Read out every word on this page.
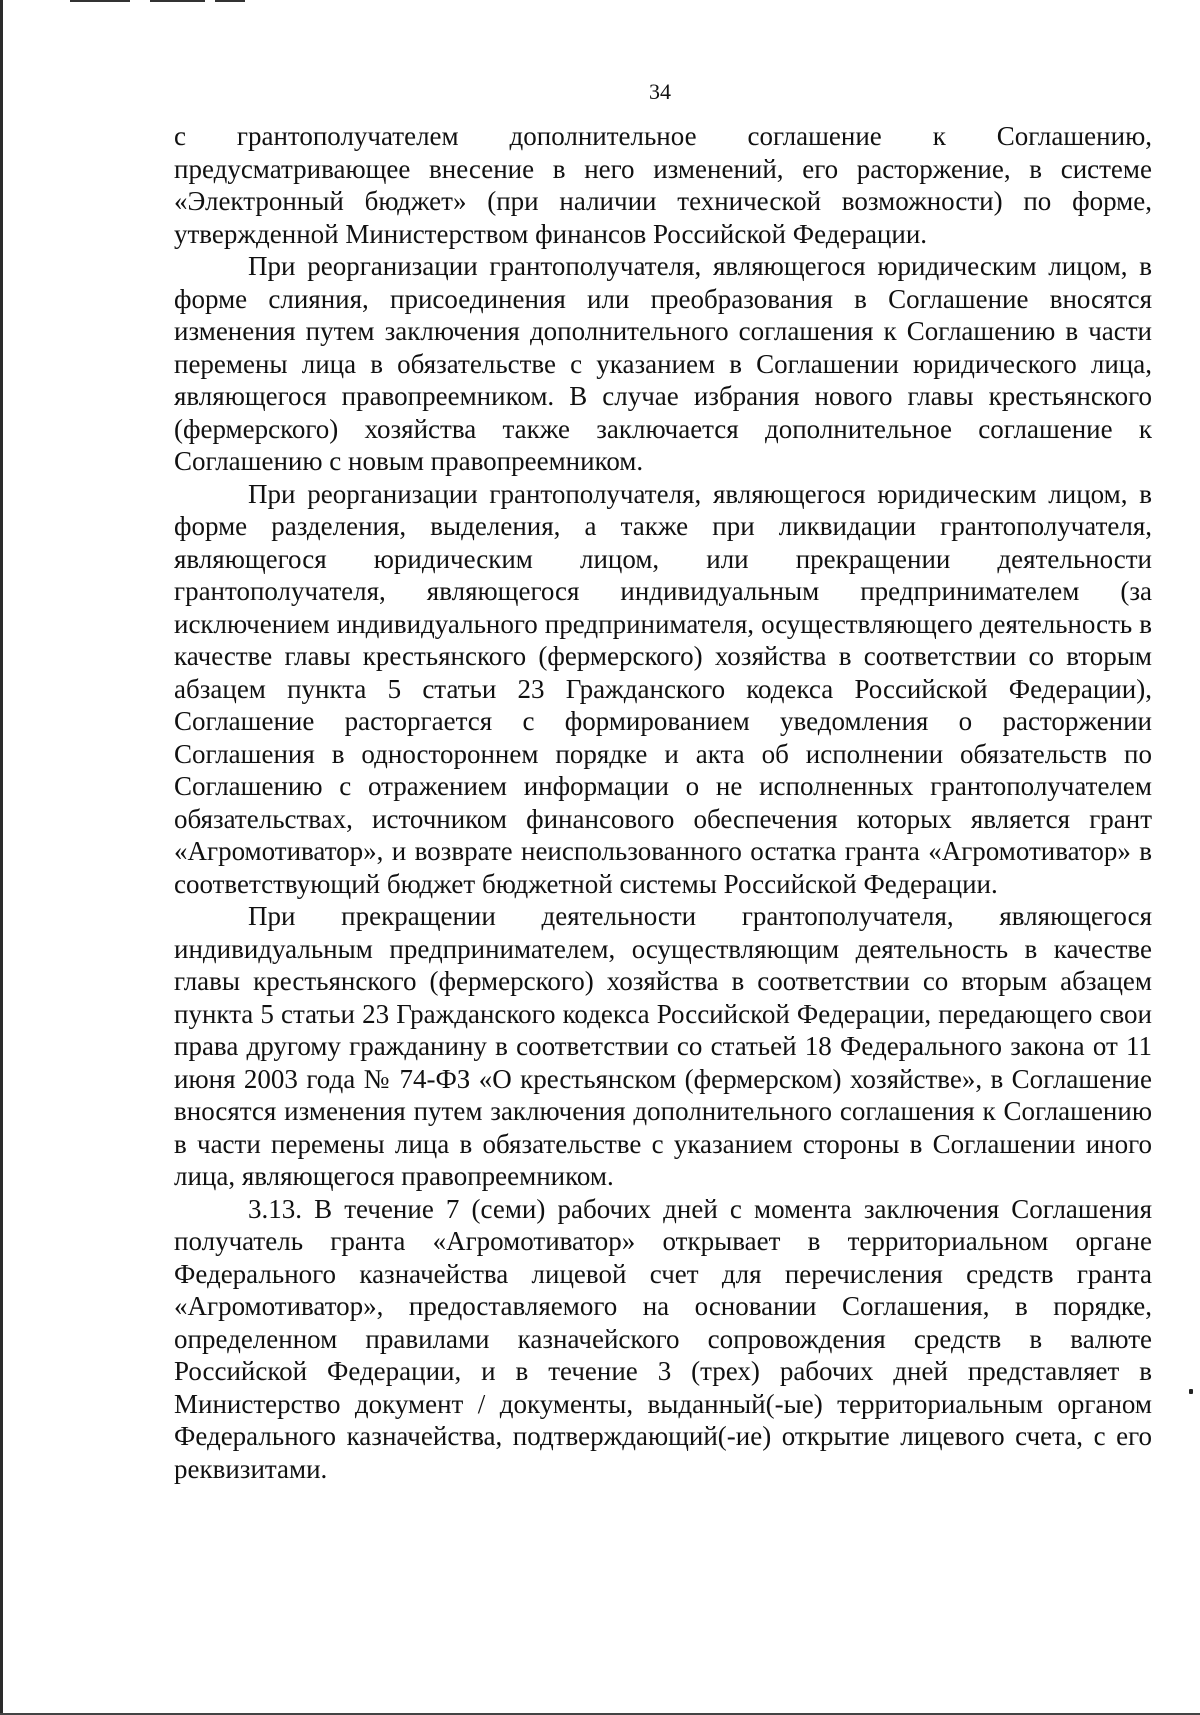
34

с грантополучателем дополнительное соглашение к Соглашению, предусматривающее внесение в него изменений, его расторжение, в системе «Электронный бюджет» (при наличии технической возможности) по форме, утвержденной Министерством финансов Российской Федерации.

При реорганизации грантополучателя, являющегося юридическим лицом, в форме слияния, присоединения или преобразования в Соглашение вносятся изменения путем заключения дополнительного соглашения к Соглашению в части перемены лица в обязательстве с указанием в Соглашении юридического лица, являющегося правопреемником. В случае избрания нового главы крестьянского (фермерского) хозяйства также заключается дополнительное соглашение к Соглашению с новым правопреемником.

При реорганизации грантополучателя, являющегося юридическим лицом, в форме разделения, выделения, а также при ликвидации грантополучателя, являющегося юридическим лицом, или прекращении деятельности грантополучателя, являющегося индивидуальным предпринимателем (за исключением индивидуального предпринимателя, осуществляющего деятельность в качестве главы крестьянского (фермерского) хозяйства в соответствии со вторым абзацем пункта 5 статьи 23 Гражданского кодекса Российской Федерации), Соглашение расторгается с формированием уведомления о расторжении Соглашения в одностороннем порядке и акта об исполнении обязательств по Соглашению с отражением информации о не исполненных грантополучателем обязательствах, источником финансового обеспечения которых является грант «Агромотиватор», и возврате неиспользованного остатка гранта «Агромотиватор» в соответствующий бюджет бюджетной системы Российской Федерации.

При прекращении деятельности грантополучателя, являющегося индивидуальным предпринимателем, осуществляющим деятельность в качестве главы крестьянского (фермерского) хозяйства в соответствии со вторым абзацем пункта 5 статьи 23 Гражданского кодекса Российской Федерации, передающего свои права другому гражданину в соответствии со статьей 18 Федерального закона от 11 июня 2003 года № 74-ФЗ «О крестьянском (фермерском) хозяйстве», в Соглашение вносятся изменения путем заключения дополнительного соглашения к Соглашению в части перемены лица в обязательстве с указанием стороны в Соглашении иного лица, являющегося правопреемником.

3.13. В течение 7 (семи) рабочих дней с момента заключения Соглашения получатель гранта «Агромотиватор» открывает в территориальном органе Федерального казначейства лицевой счет для перечисления средств гранта «Агромотиватор», предоставляемого на основании Соглашения, в порядке, определенном правилами казначейского сопровождения средств в валюте Российской Федерации, и в течение 3 (трех) рабочих дней представляет в Министерство документ / документы, выданный(-ые) территориальным органом Федерального казначейства, подтверждающий(-ие) открытие лицевого счета, с его реквизитами.
